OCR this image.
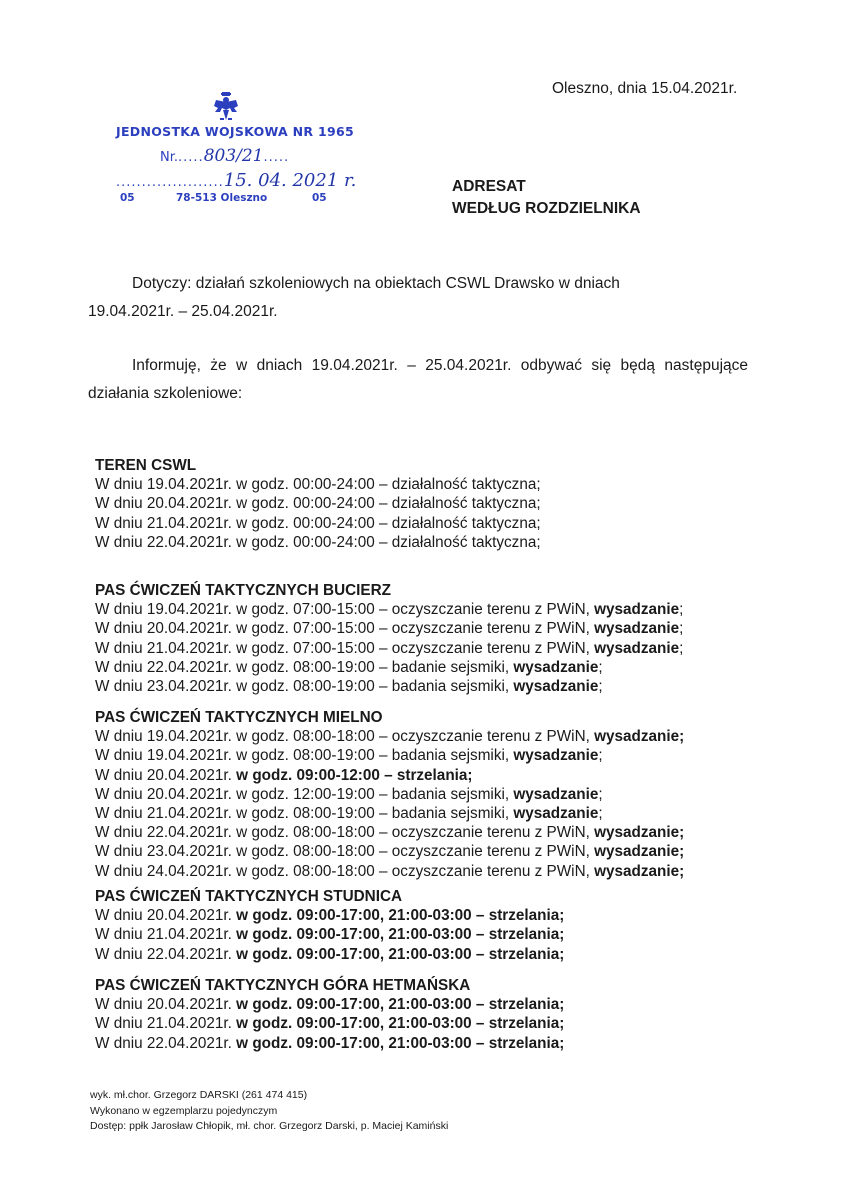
Oleszno, dnia 15.04.2021r.
JEDNOSTKA WOJSKOWA NR 1965
Nr......803/21.....
.....................15. 04. 2021 r.
05	78-513 Oleszno	05
ADRESAT
WEDŁUG ROZDZIELNIKA
Dotyczy: działań szkoleniowych na obiektach CSWL Drawsko w dniach
19.04.2021r. – 25.04.2021r.
Informuję, że w dniach 19.04.2021r. – 25.04.2021r. odbywać się będą następujące
działania szkoleniowe:
TEREN CSWL
W dniu 19.04.2021r. w godz. 00:00-24:00 – działalność taktyczna;
W dniu 20.04.2021r. w godz. 00:00-24:00 – działalność taktyczna;
W dniu 21.04.2021r. w godz. 00:00-24:00 – działalność taktyczna;
W dniu 22.04.2021r. w godz. 00:00-24:00 – działalność taktyczna;
PAS ĆWICZEŃ TAKTYCZNYCH BUCIERZ
W dniu 19.04.2021r. w godz. 07:00-15:00 – oczyszczanie terenu z PWiN, wysadzanie;
W dniu 20.04.2021r. w godz. 07:00-15:00 – oczyszczanie terenu z PWiN, wysadzanie;
W dniu 21.04.2021r. w godz. 07:00-15:00 – oczyszczanie terenu z PWiN, wysadzanie;
W dniu 22.04.2021r. w godz. 08:00-19:00 – badanie sejsmiki, wysadzanie;
W dniu 23.04.2021r. w godz. 08:00-19:00 – badania sejsmiki, wysadzanie;
PAS ĆWICZEŃ TAKTYCZNYCH MIELNO
W dniu 19.04.2021r. w godz. 08:00-18:00 – oczyszczanie terenu z PWiN, wysadzanie;
W dniu 19.04.2021r. w godz. 08:00-19:00 – badania sejsmiki, wysadzanie;
W dniu 20.04.2021r. w godz. 09:00-12:00 – strzelania;
W dniu 20.04.2021r. w godz. 12:00-19:00 – badania sejsmiki, wysadzanie;
W dniu 21.04.2021r. w godz. 08:00-19:00 – badania sejsmiki, wysadzanie;
W dniu 22.04.2021r. w godz. 08:00-18:00 – oczyszczanie terenu z PWiN, wysadzanie;
W dniu 23.04.2021r. w godz. 08:00-18:00 – oczyszczanie terenu z PWiN, wysadzanie;
W dniu 24.04.2021r. w godz. 08:00-18:00 – oczyszczanie terenu z PWiN, wysadzanie;
PAS ĆWICZEŃ TAKTYCZNYCH STUDNICA
W dniu 20.04.2021r. w godz. 09:00-17:00, 21:00-03:00 – strzelania;
W dniu 21.04.2021r. w godz. 09:00-17:00, 21:00-03:00 – strzelania;
W dniu 22.04.2021r. w godz. 09:00-17:00, 21:00-03:00 – strzelania;
PAS ĆWICZEŃ TAKTYCZNYCH GÓRA HETMAŃSKA
W dniu 20.04.2021r. w godz. 09:00-17:00, 21:00-03:00 – strzelania;
W dniu 21.04.2021r. w godz. 09:00-17:00, 21:00-03:00 – strzelania;
W dniu 22.04.2021r. w godz. 09:00-17:00, 21:00-03:00 – strzelania;
wyk. mł.chor. Grzegorz DARSKI (261 474 415)
Wykonano w egzemplarzu pojedynczym
Dostęp: ppłk Jarosław Chłopik, mł. chor. Grzegorz Darski, p. Maciej Kamiński
